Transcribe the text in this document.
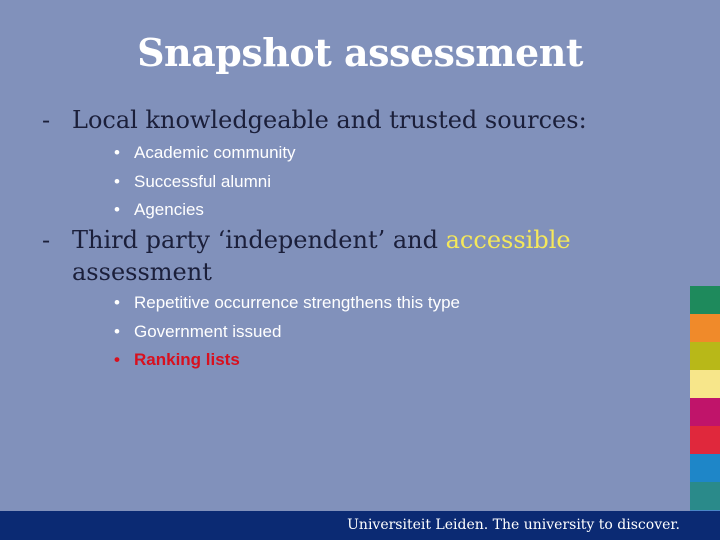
Snapshot assessment
- Local knowledgeable and trusted sources:
• Academic community
• Successful alumni
• Agencies
- Third party ‘independent’ and accessible
assessment
• Repetitive occurrence strengthens this type
• Government issued
• Ranking lists
Universiteit Leiden. The university to discover.
